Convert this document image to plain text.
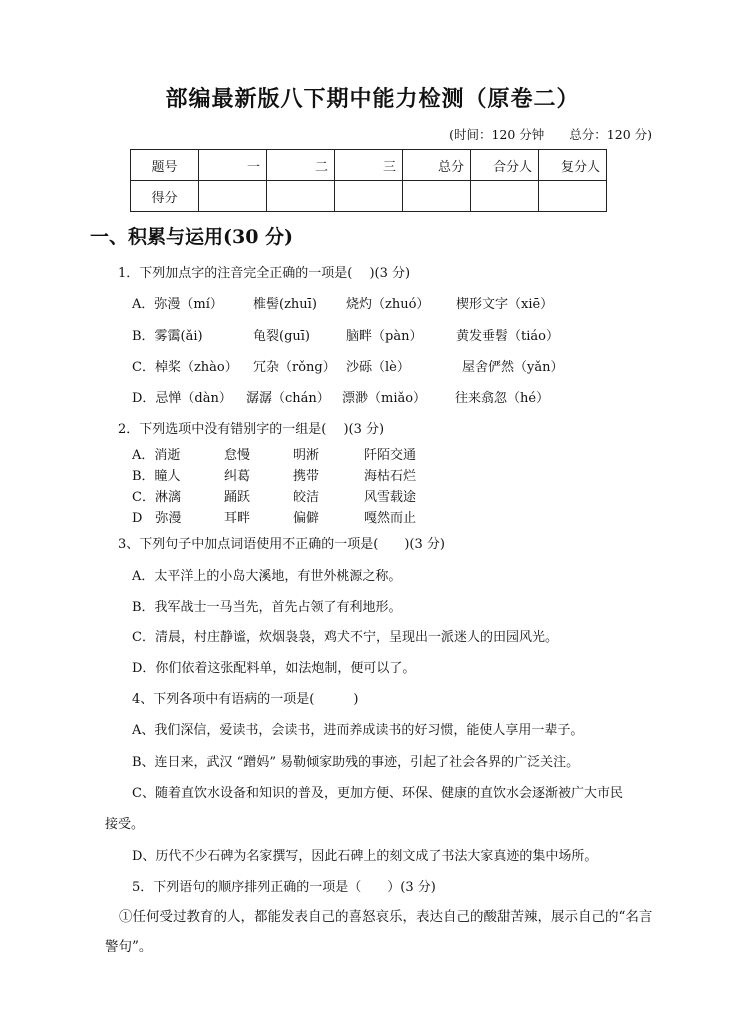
部编最新版八下期中能力检测（原卷二）
(时间：120 分钟　　总分：120 分)
题号	一	二	三	总分	合分人	复分人
得分						
一、积累与运用(30 分)
1．下列加点字的注音完全正确的一项是(　 )(3 分)
A．弥漫（mí） 椎髻(zhuī) 烧灼（zhuó） 楔形文字（xiē）
B．雾霭(ǎi)	龟裂(guī)	脑畔（pàn）	黄发垂髫（tiáo）
C．棹桨（zhào） 冗杂（rǒng） 沙砾（lè）	屋舍俨然（yǎn）
D．忌惮（dàn） 潺潺（chán） 漂渺（miǎo） 往来翕忽（hé）
2．下列选项中没有错别字的一组是(　 )(3 分)
A．消逝	怠慢	明淅	阡陌交通
B．瞳人	纠葛	携带	海枯石烂
C．淋漓	踊跃	皎洁	风雪载途
D　弥漫	耳畔	偏僻	嘎然而止
3、下列句子中加点词语使用不正确的一项是(　　)(3 分)
A．太平洋上的小岛大溪地，有世外桃源之称。
B．我军战士一马当先，首先占领了有利地形。
C．清晨，村庄静谧，炊烟袅袅，鸡犬不宁，呈现出一派迷人的田园风光。
D．你们依着这张配料单，如法炮制，便可以了。
4、下列各项中有语病的一项是(　　　)
A、我们深信，爱读书，会读书，进而养成读书的好习惯，能使人享用一辈子。
B、连日来，武汉 “蹭妈” 易勒倾家助残的事迹，引起了社会各界的广泛关注。
C、随着直饮水设备和知识的普及，更加方便、环保、健康的直饮水会逐渐被广大市民
接受。
D、历代不少石碑为名家撰写，因此石碑上的刻文成了书法大家真迹的集中场所。
5．下列语句的顺序排列正确的一项是（　　）(3 分)
①任何受过教育的人，都能发表自己的喜怒哀乐，表达自己的酸甜苦辣，展示自己的“名言警句”。
